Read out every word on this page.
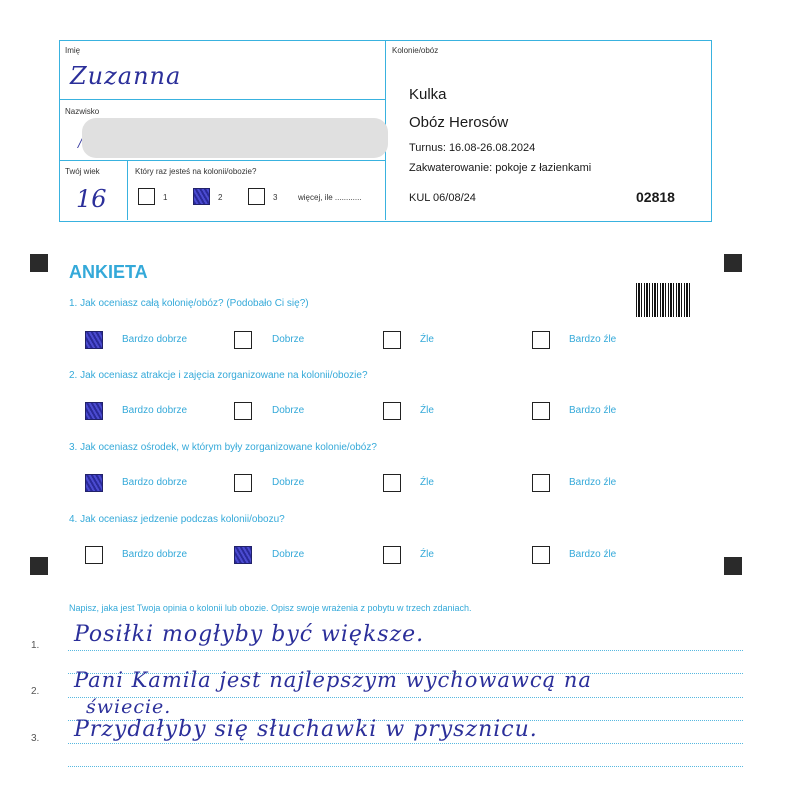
Imię
Zuzanna
Nazwisko
/
Twój wiek
16
Który raz jesteś na kolonii/obozie?
1	2	3	więcej, ile ............
Kolonie/obóz
Kulka
Obóz Herosów
Turnus: 16.08-26.08.2024
Zakwaterowanie: pokoje z łazienkami
KUL 06/08/24	02818
ANKIETA
1. Jak oceniasz całą kolonię/obóz? (Podobało Ci się?)
Bardzo dobrze	Dobrze	Źle	Bardzo źle
2. Jak oceniasz atrakcje i zajęcia zorganizowane na kolonii/obozie?
Bardzo dobrze	Dobrze	Źle	Bardzo źle
3. Jak oceniasz ośrodek, w którym były zorganizowane kolonie/obóz?
Bardzo dobrze	Dobrze	Źle	Bardzo źle
4. Jak oceniasz jedzenie podczas kolonii/obozu?
Bardzo dobrze	Dobrze	Źle	Bardzo źle
Napisz, jaka jest Twoja opinia o kolonii lub obozie. Opisz swoje wrażenia z pobytu w trzech zdaniach.
1.
2.
3.
Posiłki mogłyby być większe.
Pani Kamila jest najlepszym wychowawcą na
świecie.
Przydałyby się słuchawki w prysznicu.
